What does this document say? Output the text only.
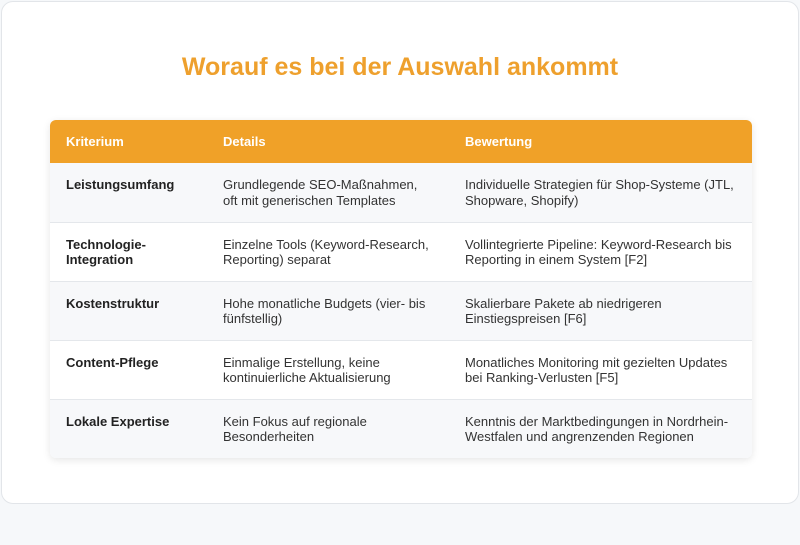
Worauf es bei der Auswahl ankommt
Kriterium	Details	Bewertung
Leistungsumfang	Grundlegende SEO-Maßnahmen, oft mit generischen Templates	Individuelle Strategien für Shop-Systeme (JTL, Shopware, Shopify)
Technologie-Integration	Einzelne Tools (Keyword-Research, Reporting) separat	Vollintegrierte Pipeline: Keyword-Research bis Reporting in einem System [F2]
Kostenstruktur	Hohe monatliche Budgets (vier- bis fünfstellig)	Skalierbare Pakete ab niedrigeren Einstiegspreisen [F6]
Content-Pflege	Einmalige Erstellung, keine kontinuierliche Aktualisierung	Monatliches Monitoring mit gezielten Updates bei Ranking-Verlusten [F5]
Lokale Expertise	Kein Fokus auf regionale Besonderheiten	Kenntnis der Marktbedingungen in Nordrhein-Westfalen und angrenzenden Regionen
